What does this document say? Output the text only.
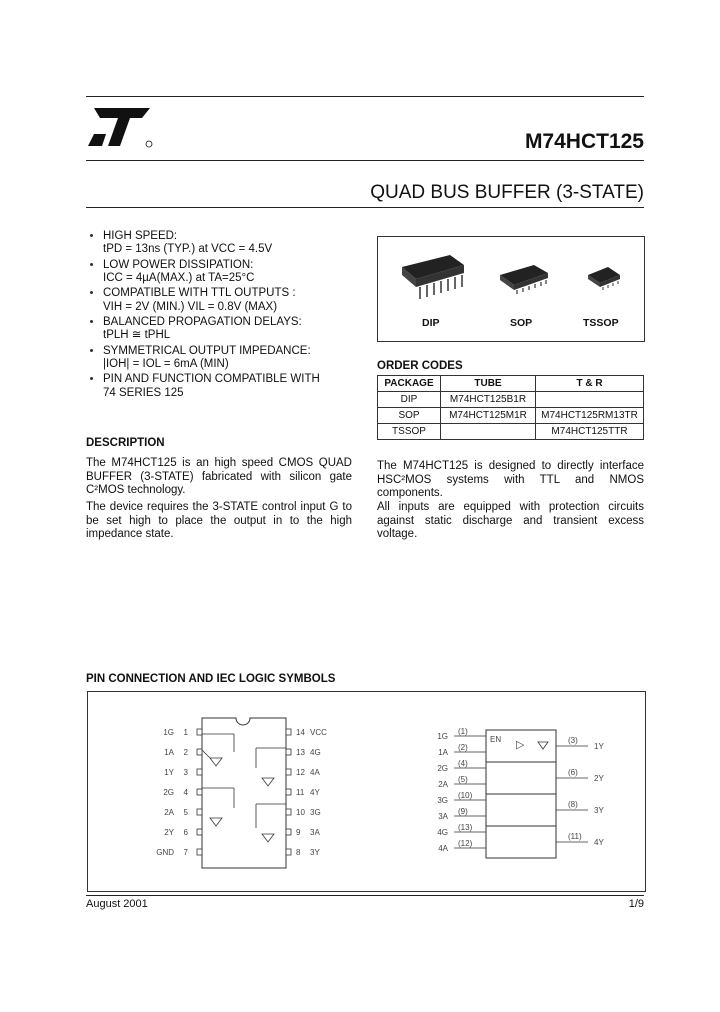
M74HCT125
QUAD BUS BUFFER (3-STATE)
HIGH SPEED:
tPD = 13ns (TYP.) at VCC = 4.5V
LOW POWER DISSIPATION:
ICC = 4µA(MAX.) at TA=25°C
COMPATIBLE WITH TTL OUTPUTS :
VIH = 2V (MIN.) VIL = 0.8V (MAX)
BALANCED PROPAGATION DELAYS:
tPLH ≅ tPHL
SYMMETRICAL OUTPUT IMPEDANCE:
|IOH| = IOL = 6mA (MIN)
PIN AND FUNCTION COMPATIBLE WITH
74 SERIES 125
DESCRIPTION
The M74HCT125 is an high speed CMOS QUAD BUFFER (3-STATE) fabricated with silicon gate C²MOS technology.
The device requires the 3-STATE control input G to be set high to place the output in to the high impedance state.
DIP	SOP	TSSOP
ORDER CODES
PACKAGE	TUBE	T & R
DIP	M74HCT125B1R	
SOP	M74HCT125M1R	M74HCT125RM13TR
TSSOP		M74HCT125TTR
The M74HCT125 is designed to directly interface HSC²MOS systems with TTL and NMOS components.
All inputs are equipped with protection circuits against static discharge and transient excess voltage.
PIN CONNECTION AND IEC LOGIC SYMBOLS
1
1G	14 VCC
2
1A	13 4G
3
1Y	12 4A
4
2G	11 4Y
5
2A	10 3G
6
2Y	9 3A
7
GND	8 3Y
EN ▷
1G
(1)
1A
(2)
2G
(4)
2A
(5)
3G
(10)
3A
(9)
4G
(13)
4A
(12)
(3)
1Y
(6)
2Y
(8)
3Y
(11)
4Y
August 2001	1/9
